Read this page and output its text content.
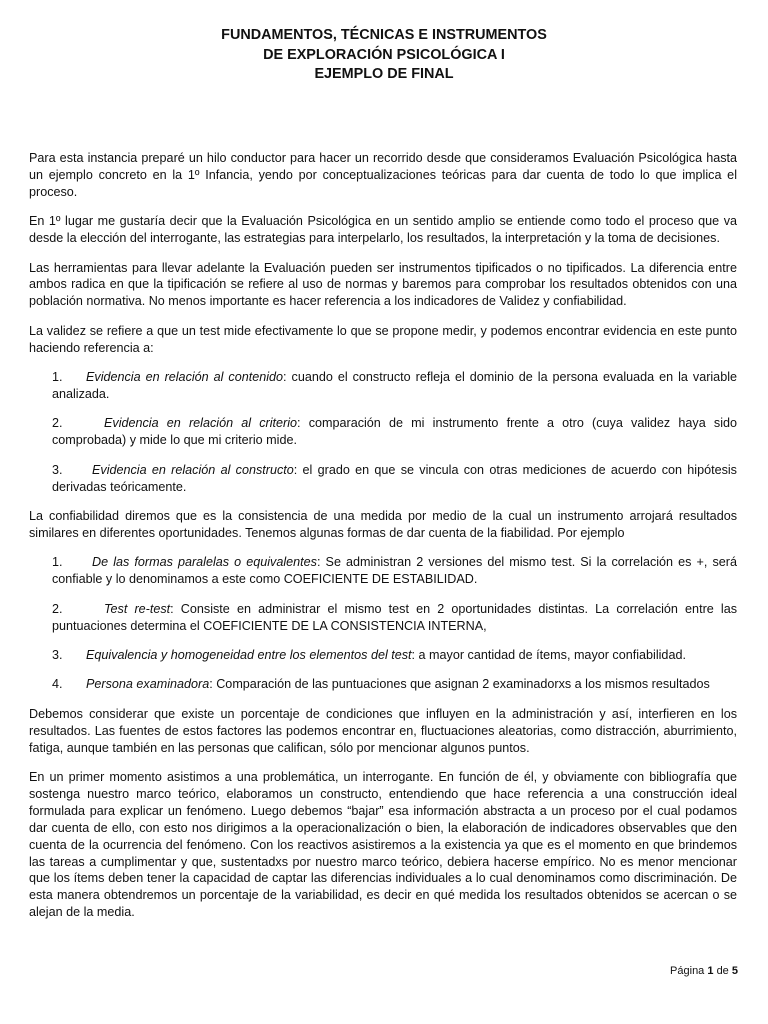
FUNDAMENTOS, TÉCNICAS E INSTRUMENTOS
DE EXPLORACIÓN PSICOLÓGICA I
EJEMPLO DE FINAL

Para esta instancia preparé un hilo conductor para hacer un recorrido desde que consideramos Evaluación Psicológica hasta un ejemplo concreto en la 1º Infancia, yendo por conceptualizaciones teóricas para dar cuenta de todo lo que implica el proceso.

En 1º lugar me gustaría decir que la Evaluación Psicológica en un sentido amplio se entiende como todo el proceso que va desde la elección del interrogante, las estrategias para interpelarlo, los resultados, la interpretación y la toma de decisiones.

Las herramientas para llevar adelante la Evaluación pueden ser instrumentos tipificados o no tipificados. La diferencia entre ambos radica en que la tipificación se refiere al uso de normas y baremos para comprobar los resultados obtenidos con una población normativa. No menos importante es hacer referencia a los indicadores de Validez y confiabilidad.

La validez se refiere a que un test mide efectivamente lo que se propone medir, y podemos encontrar evidencia en este punto haciendo referencia a:

1. Evidencia en relación al contenido: cuando el constructo refleja el dominio de la persona evaluada en la variable analizada.
2.	Evidencia en relación al criterio: comparación de mi instrumento frente a otro (cuya validez haya sido comprobada) y mide lo que mi criterio mide.
3. Evidencia en relación al constructo: el grado en que se vincula con otras mediciones de acuerdo con hipótesis derivadas teóricamente.

La confiabilidad diremos que es la consistencia de una medida por medio de la cual un instrumento arrojará resultados similares en diferentes oportunidades. Tenemos algunas formas de dar cuenta de la fiabilidad. Por ejemplo

1. De las formas paralelas o equivalentes: Se administran 2 versiones del mismo test. Si la correlación es +, será confiable y lo denominamos a este como COEFICIENTE DE ESTABILIDAD.
2.	Test re-test: Consiste en administrar el mismo test en 2 oportunidades distintas. La correlación entre las puntuaciones determina el COEFICIENTE DE LA CONSISTENCIA INTERNA,
3. Equivalencia y homogeneidad entre los elementos del test: a mayor cantidad de ítems, mayor confiabilidad.
4. Persona examinadora: Comparación de las puntuaciones que asignan 2 examinadorxs a los mismos resultados

Debemos considerar que existe un porcentaje de condiciones que influyen en la administración y así, interfieren en los resultados. Las fuentes de estos factores las podemos encontrar en, fluctuaciones aleatorias, como distracción, aburrimiento, fatiga, aunque también en las personas que califican, sólo por mencionar algunos puntos.

En un primer momento asistimos a una problemática, un interrogante. En función de él, y obviamente con bibliografía que sostenga nuestro marco teórico, elaboramos un constructo, entendiendo que hace referencia a una construcción ideal formulada para explicar un fenómeno. Luego debemos “bajar” esa información abstracta a un proceso por el cual podamos dar cuenta de ello, con esto nos dirigimos a la operacionalización o bien, la elaboración de indicadores observables que den cuenta de la ocurrencia del fenómeno. Con los reactivos asistiremos a la existencia ya que es el momento en que brindemos las tareas a cumplimentar y que, sustentadxs por nuestro marco teórico, debiera hacerse empírico. No es menor mencionar que los ítems deben tener la capacidad de captar las diferencias individuales a lo cual denominamos como discriminación. De esta manera obtendremos un porcentaje de la variabilidad, es decir en qué medida los resultados obtenidos se acercan o se alejan de la media.

Página 1 de 5
